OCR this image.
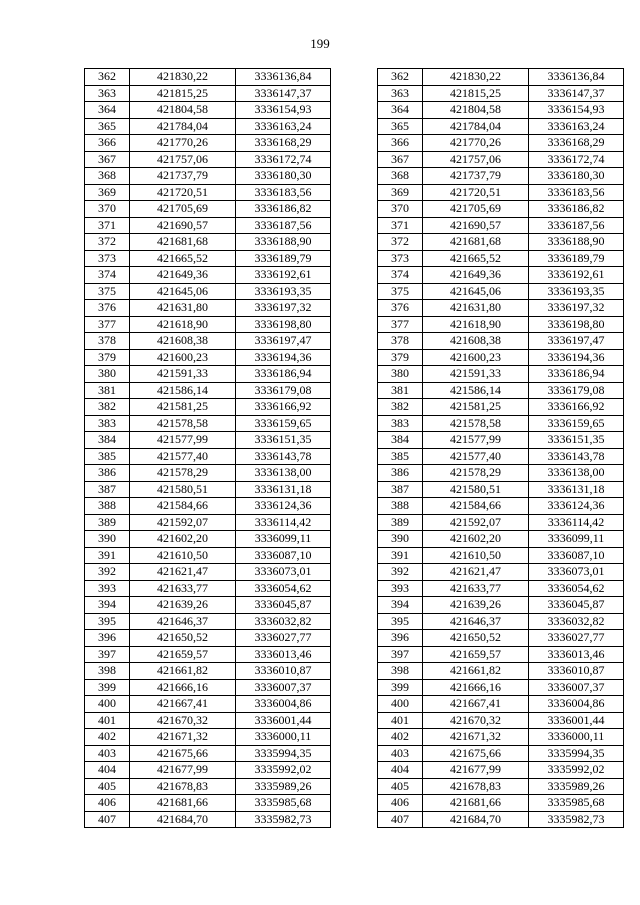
199
362	421830,22	3336136,84
363	421815,25	3336147,37
364	421804,58	3336154,93
365	421784,04	3336163,24
366	421770,26	3336168,29
367	421757,06	3336172,74
368	421737,79	3336180,30
369	421720,51	3336183,56
370	421705,69	3336186,82
371	421690,57	3336187,56
372	421681,68	3336188,90
373	421665,52	3336189,79
374	421649,36	3336192,61
375	421645,06	3336193,35
376	421631,80	3336197,32
377	421618,90	3336198,80
378	421608,38	3336197,47
379	421600,23	3336194,36
380	421591,33	3336186,94
381	421586,14	3336179,08
382	421581,25	3336166,92
383	421578,58	3336159,65
384	421577,99	3336151,35
385	421577,40	3336143,78
386	421578,29	3336138,00
387	421580,51	3336131,18
388	421584,66	3336124,36
389	421592,07	3336114,42
390	421602,20	3336099,11
391	421610,50	3336087,10
392	421621,47	3336073,01
393	421633,77	3336054,62
394	421639,26	3336045,87
395	421646,37	3336032,82
396	421650,52	3336027,77
397	421659,57	3336013,46
398	421661,82	3336010,87
399	421666,16	3336007,37
400	421667,41	3336004,86
401	421670,32	3336001,44
402	421671,32	3336000,11
403	421675,66	3335994,35
404	421677,99	3335992,02
405	421678,83	3335989,26
406	421681,66	3335985,68
407	421684,70	3335982,73
362	421830,22	3336136,84
363	421815,25	3336147,37
364	421804,58	3336154,93
365	421784,04	3336163,24
366	421770,26	3336168,29
367	421757,06	3336172,74
368	421737,79	3336180,30
369	421720,51	3336183,56
370	421705,69	3336186,82
371	421690,57	3336187,56
372	421681,68	3336188,90
373	421665,52	3336189,79
374	421649,36	3336192,61
375	421645,06	3336193,35
376	421631,80	3336197,32
377	421618,90	3336198,80
378	421608,38	3336197,47
379	421600,23	3336194,36
380	421591,33	3336186,94
381	421586,14	3336179,08
382	421581,25	3336166,92
383	421578,58	3336159,65
384	421577,99	3336151,35
385	421577,40	3336143,78
386	421578,29	3336138,00
387	421580,51	3336131,18
388	421584,66	3336124,36
389	421592,07	3336114,42
390	421602,20	3336099,11
391	421610,50	3336087,10
392	421621,47	3336073,01
393	421633,77	3336054,62
394	421639,26	3336045,87
395	421646,37	3336032,82
396	421650,52	3336027,77
397	421659,57	3336013,46
398	421661,82	3336010,87
399	421666,16	3336007,37
400	421667,41	3336004,86
401	421670,32	3336001,44
402	421671,32	3336000,11
403	421675,66	3335994,35
404	421677,99	3335992,02
405	421678,83	3335989,26
406	421681,66	3335985,68
407	421684,70	3335982,73
